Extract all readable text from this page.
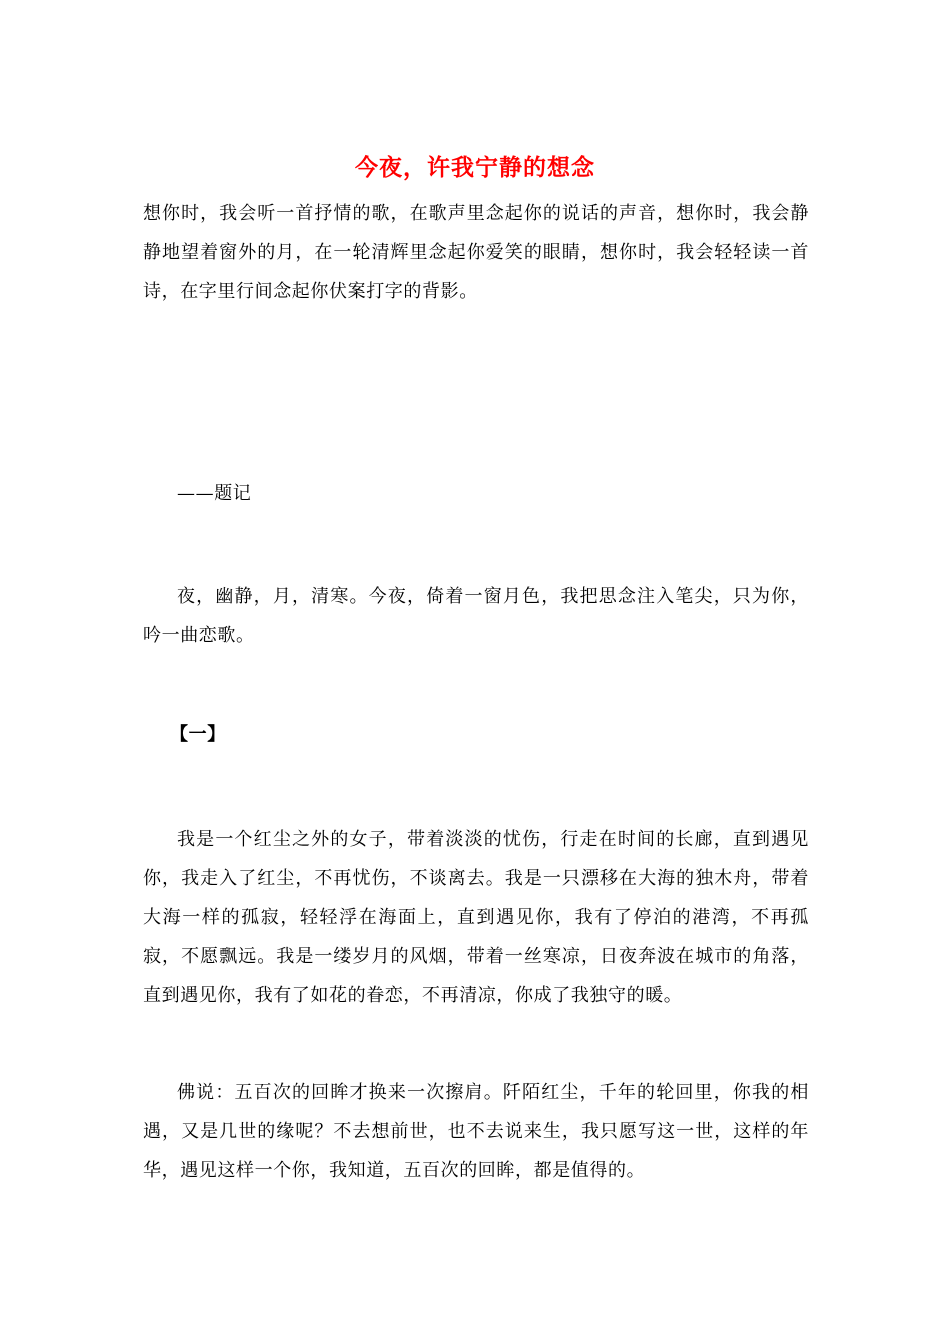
今夜，许我宁静的想念
想你时，我会听一首抒情的歌，在歌声里念起你的说话的声音，想你时，我会静静地望着窗外的月，在一轮清辉里念起你爱笑的眼睛，想你时，我会轻轻读一首诗，在字里行间念起你伏案打字的背影。
——题记
夜，幽静，月，清寒。今夜，倚着一窗月色，我把思念注入笔尖，只为你，吟一曲恋歌。
【一】
我是一个红尘之外的女子，带着淡淡的忧伤，行走在时间的长廊，直到遇见你，我走入了红尘，不再忧伤，不谈离去。我是一只漂移在大海的独木舟，带着大海一样的孤寂，轻轻浮在海面上，直到遇见你，我有了停泊的港湾，不再孤寂，不愿飘远。我是一缕岁月的风烟，带着一丝寒凉，日夜奔波在城市的角落，直到遇见你，我有了如花的眷恋，不再清凉，你成了我独守的暖。
佛说：五百次的回眸才换来一次擦肩。阡陌红尘，千年的轮回里，你我的相遇，又是几世的缘呢？不去想前世，也不去说来生，我只愿写这一世，这样的年华，遇见这样一个你，我知道，五百次的回眸，都是值得的。
